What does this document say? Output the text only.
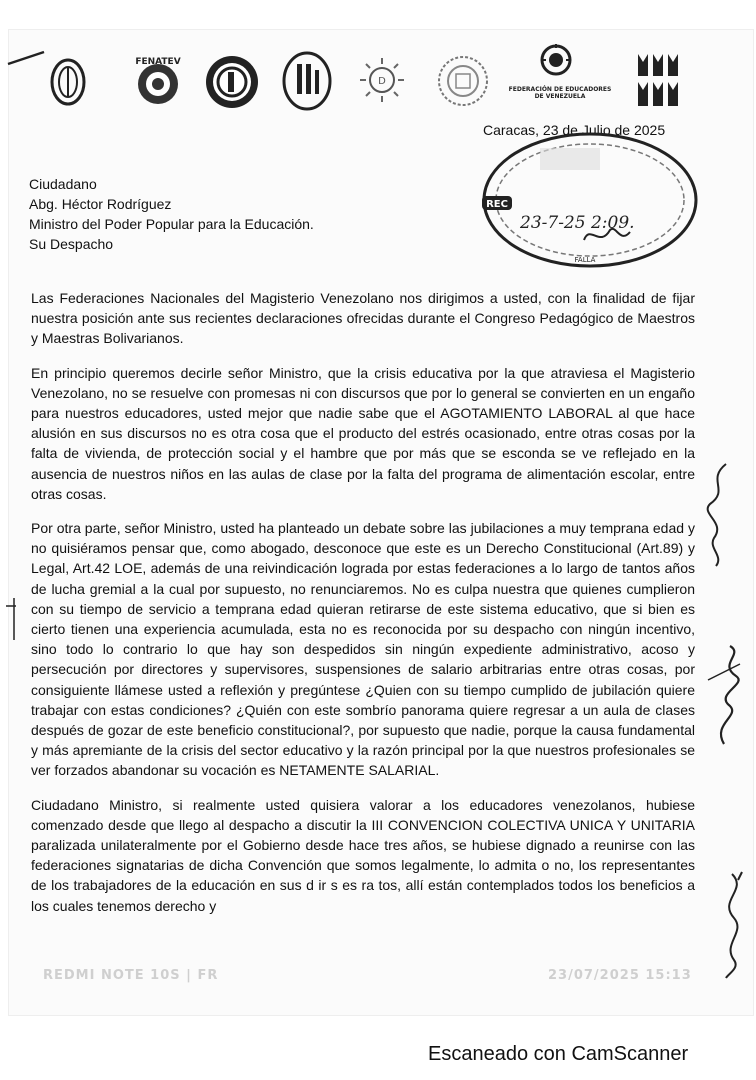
FENATEV
D
FEDERACIÓN DE EDUCADORES DE VENEZUELA
Caracas, 23 de Julio de 2025
REC
23-7-25 2:09.
FALLA
Ciudadano
Abg. Héctor Rodríguez
Ministro del Poder Popular para la Educación.
Su Despacho

Las Federaciones Nacionales del Magisterio Venezolano nos dirigimos a usted, con la finalidad de fijar nuestra posición ante sus recientes declaraciones ofrecidas durante el Congreso Pedagógico de Maestros y Maestras Bolivarianos.

En principio queremos decirle señor Ministro, que la crisis educativa por la que atraviesa el Magisterio Venezolano, no se resuelve con promesas ni con discursos que por lo general se convierten en un engaño para nuestros educadores, usted mejor que nadie sabe que el AGOTAMIENTO LABORAL al que hace alusión en sus discursos no es otra cosa que el producto del estrés ocasionado, entre otras cosas por la falta de vivienda, de protección social y el hambre que por más que se esconda se ve reflejado en la ausencia de nuestros niños en las aulas de clase por la falta del programa de alimentación escolar, entre otras cosas.

Por otra parte, señor Ministro, usted ha planteado un debate sobre las jubilaciones a muy temprana edad y no quisiéramos pensar que, como abogado, desconoce que este es un Derecho Constitucional (Art.89) y Legal, Art.42 LOE, además de una reivindicación lograda por estas federaciones a lo largo de tantos años de lucha gremial a la cual por supuesto, no renunciaremos. No es culpa nuestra que quienes cumplieron con su tiempo de servicio a temprana edad quieran retirarse de este sistema educativo, que si bien es cierto tienen una experiencia acumulada, esta no es reconocida por su despacho con ningún incentivo, sino todo lo contrario lo que hay son despedidos sin ningún expediente administrativo, acoso y persecución por directores y supervisores, suspensiones de salario arbitrarias entre otras cosas, por consiguiente llámese usted a reflexión y pregúntese ¿Quien con su tiempo cumplido de jubilación quiere trabajar con estas condiciones? ¿Quién con este sombrío panorama quiere regresar a un aula de clases después de gozar de este beneficio constitucional?, por supuesto que nadie, porque la causa fundamental y más apremiante de la crisis del sector educativo y la razón principal por la que nuestros profesionales se ver forzados abandonar su vocación es NETAMENTE SALARIAL.

Ciudadano Ministro, si realmente usted quisiera valorar a los educadores venezolanos, hubiese comenzado desde que llego al despacho a discutir la III CONVENCION COLECTIVA UNICA Y UNITARIA paralizada unilateralmente por el Gobierno desde hace tres años, se hubiese dignado a reunirse con las federaciones signatarias de dicha Convención que somos legalmente, lo admita o no, los representantes de los trabajadores de la educación en sus d ir s es ra tos, allí están contemplados todos los beneficios a los cuales tenemos derecho y

REDMI NOTE 10S | FR	23/07/2025 15:13
Escaneado con CamScanner
